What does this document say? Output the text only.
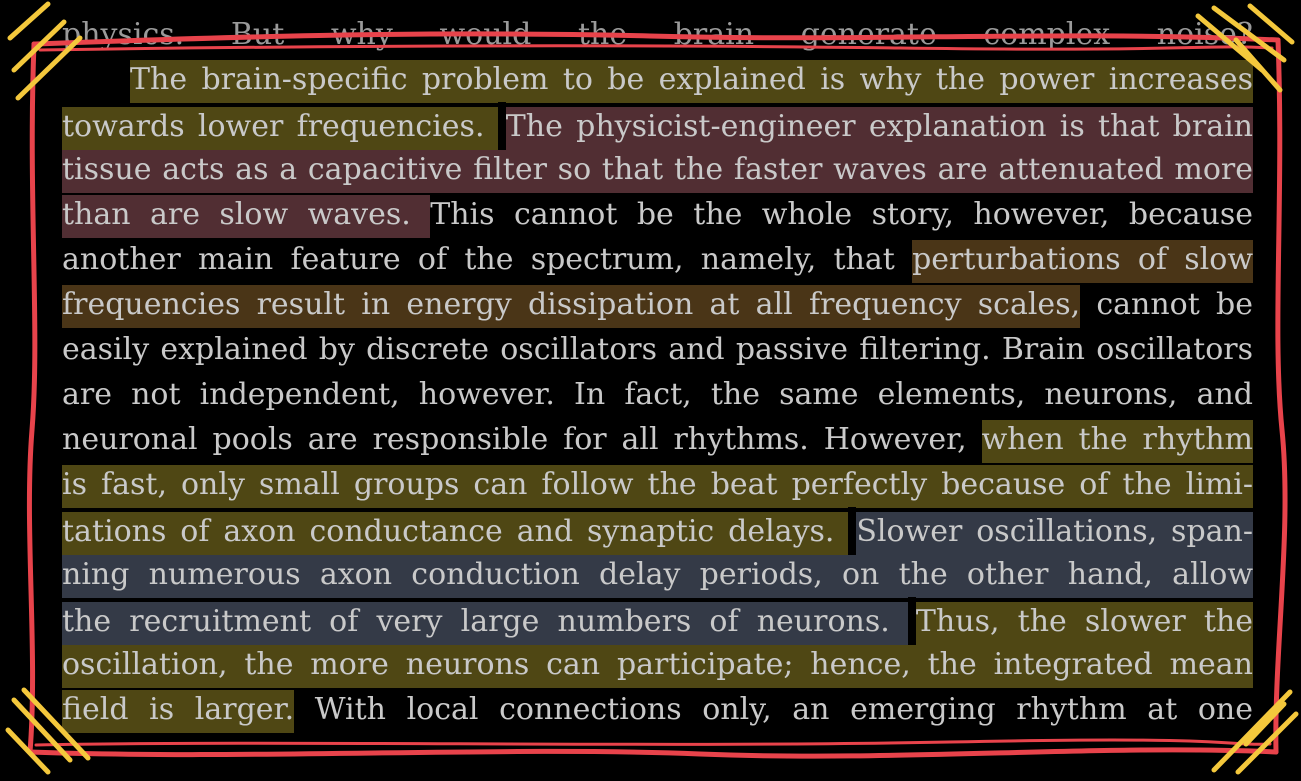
physics. But why would the brain generate complex noise?
The brain-specific problem to be explained is why the power increases
towards lower frequencies. The physicist-engineer explanation is that brain
tissue acts as a capacitive filter so that the faster waves are attenuated more
than are slow waves. This cannot be the whole story, however, because
another main feature of the spectrum, namely, that perturbations of slow
frequencies result in energy dissipation at all frequency scales, cannot be
easily explained by discrete oscillators and passive filtering. Brain oscillators
are not independent, however. In fact, the same elements, neurons, and
neuronal pools are responsible for all rhythms. However, when the rhythm
is fast, only small groups can follow the beat perfectly because of the limi-
tations of axon conductance and synaptic delays. Slower oscillations, span-
ning numerous axon conduction delay periods, on the other hand, allow
the recruitment of very large numbers of neurons. Thus, the slower the
oscillation, the more neurons can participate; hence, the integrated mean
field is larger. With local connections only, an emerging rhythm at one
